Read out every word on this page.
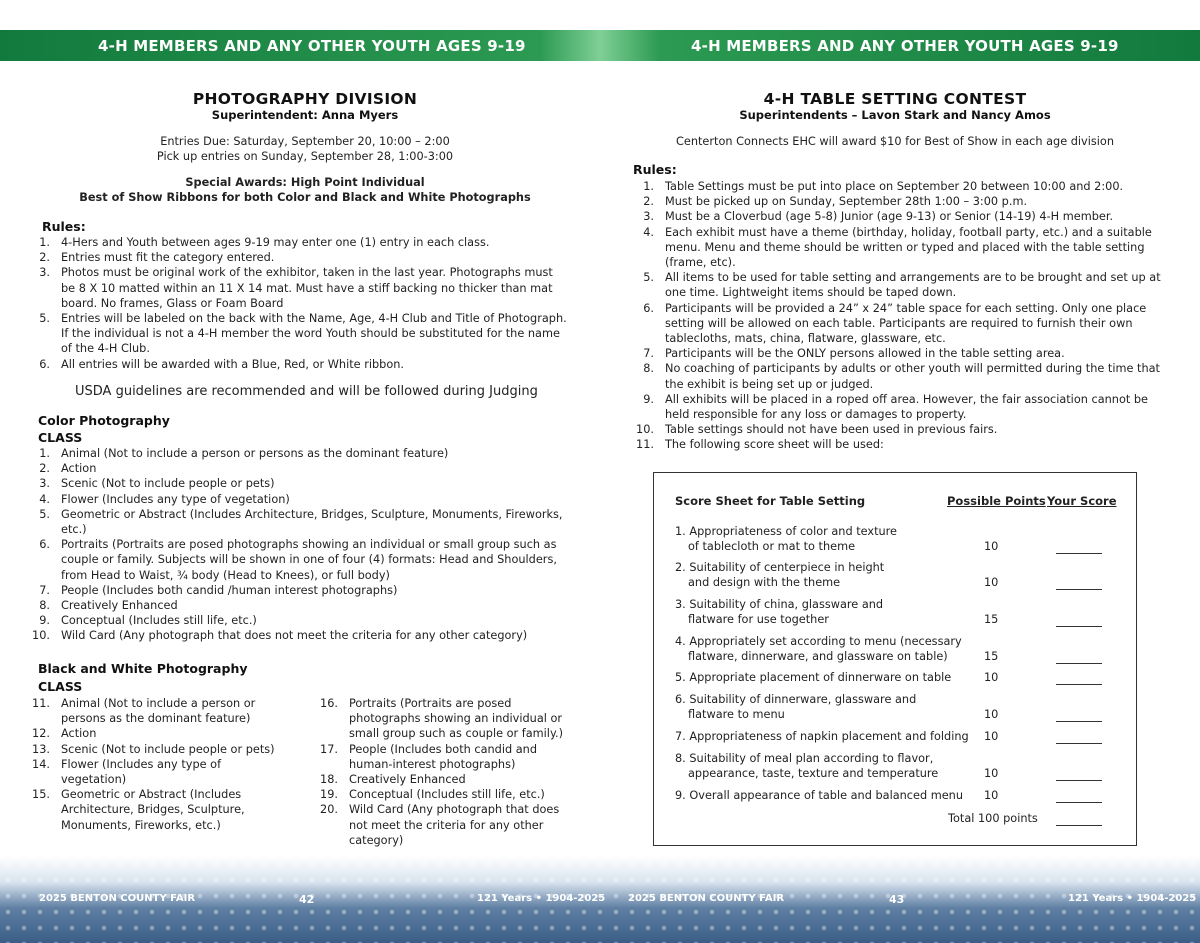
4-H MEMBERS AND ANY OTHER YOUTH AGES 9-19	4-H MEMBERS AND ANY OTHER YOUTH AGES 9-19
PHOTOGRAPHY DIVISION
Superintendent: Anna Myers
Entries Due: Saturday, September 20, 10:00 – 2:00
Pick up entries on Sunday, September 28, 1:00-3:00
Special Awards: High Point Individual
Best of Show Ribbons for both Color and Black and White Photographs
Rules:
1. 4-Hers and Youth between ages 9-19 may enter one (1) entry in each class.
2. Entries must fit the category entered.
3. Photos must be original work of the exhibitor, taken in the last year. Photographs must be 8 X 10 matted within an 11 X 14 mat. Must have a stiff backing no thicker than mat board. No frames, Glass or Foam Board
5. Entries will be labeled on the back with the Name, Age, 4-H Club and Title of Photograph. If the individual is not a 4-H member the word Youth should be substituted for the name of the 4-H Club.
6. All entries will be awarded with a Blue, Red, or White ribbon.
USDA guidelines are recommended and will be followed during Judging
Color Photography
CLASS
1. Animal (Not to include a person or persons as the dominant feature)
2. Action
3. Scenic (Not to include people or pets)
4. Flower (Includes any type of vegetation)
5. Geometric or Abstract (Includes Architecture, Bridges, Sculpture, Monuments, Fireworks, etc.)
6. Portraits (Portraits are posed photographs showing an individual or small group such as couple or family. Subjects will be shown in one of four (4) formats: Head and Shoulders, from Head to Waist, ¾ body (Head to Knees), or full body)
7. People (Includes both candid /human interest photographs)
8. Creatively Enhanced
9. Conceptual (Includes still life, etc.)
10. Wild Card (Any photograph that does not meet the criteria for any other category)
Black and White Photography
CLASS
11. Animal (Not to include a person or persons as the dominant feature)
12. Action
13. Scenic (Not to include people or pets)
14. Flower (Includes any type of vegetation)
15. Geometric or Abstract (Includes Architecture, Bridges, Sculpture, Monuments, Fireworks, etc.)
16. Portraits (Portraits are posed photographs showing an individual or small group such as couple or family.)
17. People (Includes both candid and human-interest photographs)
18. Creatively Enhanced
19. Conceptual (Includes still life, etc.)
20. Wild Card (Any photograph that does not meet the criteria for any other category)
4-H TABLE SETTING CONTEST
Superintendents – Lavon Stark and Nancy Amos
Centerton Connects EHC will award $10 for Best of Show in each age division
Rules:
1. Table Settings must be put into place on September 20 between 10:00 and 2:00.
2. Must be picked up on Sunday, September 28th 1:00 – 3:00 p.m.
3. Must be a Cloverbud (age 5-8) Junior (age 9-13) or Senior (14-19) 4-H member.
4. Each exhibit must have a theme (birthday, holiday, football party, etc.) and a suitable menu. Menu and theme should be written or typed and placed with the table setting (frame, etc).
5. All items to be used for table setting and arrangements are to be brought and set up at one time. Lightweight items should be taped down.
6. Participants will be provided a 24” x 24” table space for each setting. Only one place setting will be allowed on each table. Participants are required to furnish their own tablecloths, mats, china, flatware, glassware, etc.
7. Participants will be the ONLY persons allowed in the table setting area.
8. No coaching of participants by adults or other youth will permitted during the time that the exhibit is being set up or judged.
9. All exhibits will be placed in a roped off area. However, the fair association cannot be held responsible for any loss or damages to property.
10. Table settings should not have been used in previous fairs.
11. The following score sheet will be used:
Score Sheet for Table Setting	Possible Points Your Score
1. Appropriateness of color and texture
of tablecloth or mat to theme	10
2. Suitability of centerpiece in height
and design with the theme	10
3. Suitability of china, glassware and
flatware for use together	15
4. Appropriately set according to menu (necessary
flatware, dinnerware, and glassware on table)	15
5. Appropriate placement of dinnerware on table	10
6. Suitability of dinnerware, glassware and
flatware to menu	10
7. Appropriateness of napkin placement and folding 10
8. Suitability of meal plan according to flavor,
appearance, taste, texture and temperature	10
9. Overall appearance of table and balanced menu 10
Total 100 points
2025 BENTON COUNTY FAIR	42	121 Years • 1904-2025 2025 BENTON COUNTY FAIR	43	121 Years • 1904-2025
